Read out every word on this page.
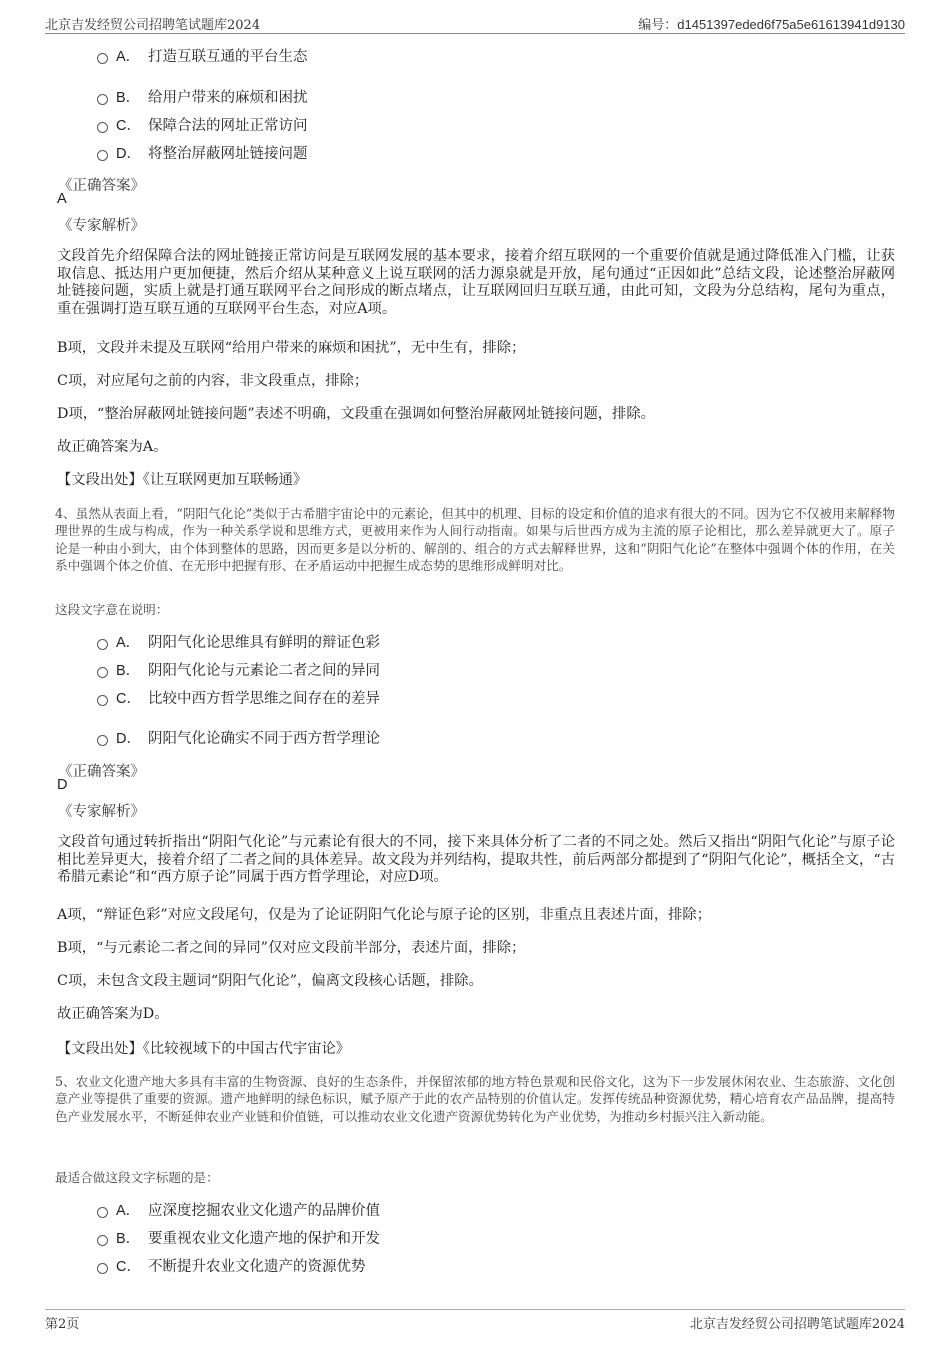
北京吉发经贸公司招聘笔试题库2024	编号：d1451397eded6f75a5e61613941d9130
A． 打造互联互通的平台生态
B． 给用户带来的麻烦和困扰
C． 保障合法的网址正常访问
D． 将整治屏蔽网址链接问题
《正确答案》
A
《专家解析》
文段首先介绍保障合法的网址链接正常访问是互联网发展的基本要求，接着介绍互联网的一个重要价值就是通过降低准入门槛，让获取信息、抵达用户更加便捷，然后介绍从某种意义上说互联网的活力源泉就是开放，尾句通过“正因如此”总结文段，论述整治屏蔽网址链接问题，实质上就是打通互联网平台之间形成的断点堵点，让互联网回归互联互通，由此可知，文段为分总结构，尾句为重点，重在强调打造互联互通的互联网平台生态，对应A项。
B项，文段并未提及互联网“给用户带来的麻烦和困扰”，无中生有，排除；
C项，对应尾句之前的内容，非文段重点，排除；
D项，“整治屏蔽网址链接问题”表述不明确，文段重在强调如何整治屏蔽网址链接问题，排除。
故正确答案为A。
【文段出处】《让互联网更加互联畅通》
4、虽然从表面上看，“阴阳气化论”类似于古希腊宇宙论中的元素论，但其中的机理、目标的设定和价值的追求有很大的不同。因为它不仅被用来解释物理世界的生成与构成，作为一种关系学说和思维方式，更被用来作为人间行动指南。如果与后世西方成为主流的原子论相比，那么差异就更大了。原子论是一种由小到大，由个体到整体的思路，因而更多是以分析的、解剖的、组合的方式去解释世界，这和“阴阳气化论”在整体中强调个体的作用，在关系中强调个体之价值、在无形中把握有形、在矛盾运动中把握生成态势的思维形成鲜明对比。
这段文字意在说明：
A． 阴阳气化论思维具有鲜明的辩证色彩
B． 阴阳气化论与元素论二者之间的异同
C． 比较中西方哲学思维之间存在的差异
D． 阴阳气化论确实不同于西方哲学理论
《正确答案》
D
《专家解析》
文段首句通过转折指出“阴阳气化论”与元素论有很大的不同，接下来具体分析了二者的不同之处。然后又指出“阴阳气化论”与原子论相比差异更大，接着介绍了二者之间的具体差异。故文段为并列结构，提取共性，前后两部分都提到了“阴阳气化论”，概括全文，“古希腊元素论”和“西方原子论”同属于西方哲学理论，对应D项。
A项，“辩证色彩”对应文段尾句，仅是为了论证阴阳气化论与原子论的区别，非重点且表述片面，排除；
B项，“与元素论二者之间的异同”仅对应文段前半部分，表述片面，排除；
C项，未包含文段主题词“阴阳气化论”，偏离文段核心话题，排除。
故正确答案为D。
【文段出处】《比较视域下的中国古代宇宙论》
5、农业文化遗产地大多具有丰富的生物资源、良好的生态条件，并保留浓郁的地方特色景观和民俗文化，这为下一步发展休闲农业、生态旅游、文化创意产业等提供了重要的资源。遗产地鲜明的绿色标识，赋予原产于此的农产品特别的价值认定。发挥传统品种资源优势，精心培育农产品品牌，提高特色产业发展水平，不断延伸农业产业链和价值链，可以推动农业文化遗产资源优势转化为产业优势，为推动乡村振兴注入新动能。
最适合做这段文字标题的是：
A． 应深度挖掘农业文化遗产的品牌价值
B． 要重视农业文化遗产地的保护和开发
C． 不断提升农业文化遗产的资源优势
第2页	北京吉发经贸公司招聘笔试题库2024
